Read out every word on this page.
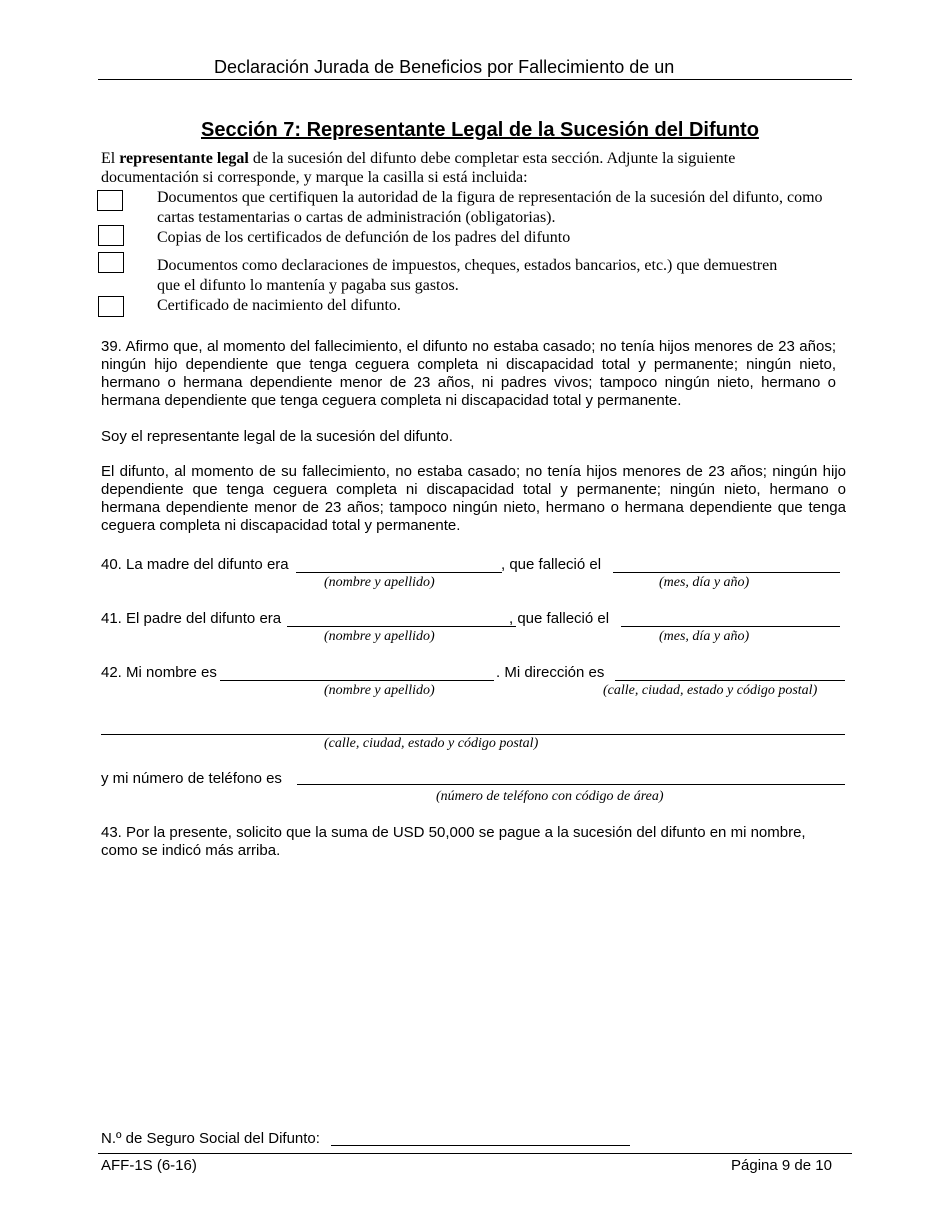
Declaración Jurada de Beneficios por Fallecimiento de un
Sección 7: Representante Legal de la Sucesión del Difunto
El representante legal de la sucesión del difunto debe completar esta sección. Adjunte la siguiente documentación si corresponde, y marque la casilla si está incluida:
Documentos que certifiquen la autoridad de la figura de representación de la sucesión del difunto, como
cartas testamentarias o cartas de administración (obligatorias).
Copias de los certificados de defunción de los padres del difunto
Documentos como declaraciones de impuestos, cheques, estados bancarios, etc.) que demuestren
que el difunto lo mantenía y pagaba sus gastos.
Certificado de nacimiento del difunto.
39. Afirmo que, al momento del fallecimiento, el difunto no estaba casado; no tenía hijos menores de 23 años; ningún hijo dependiente que tenga ceguera completa ni discapacidad total y permanente; ningún nieto, hermano o hermana dependiente menor de 23 años, ni padres vivos; tampoco ningún nieto, hermano o hermana dependiente que tenga ceguera completa ni discapacidad total y permanente.
Soy el representante legal de la sucesión del difunto.
El difunto, al momento de su fallecimiento, no estaba casado; no tenía hijos menores de 23 años; ningún hijo dependiente que tenga ceguera completa ni discapacidad total y permanente; ningún nieto, hermano o hermana dependiente menor de 23 años; tampoco ningún nieto, hermano o hermana dependiente que tenga ceguera completa ni discapacidad total y permanente.
40. La madre del difunto era	, que falleció el
(nombre y apellido)	(mes, día y año)
41. El padre del difunto era	, que falleció el
(nombre y apellido)	(mes, día y año)
42. Mi nombre es	. Mi dirección es
(nombre y apellido)	(calle, ciudad, estado y código postal)
(calle, ciudad, estado y código postal)
y mi número de teléfono es
(número de teléfono con código de área)
43. Por la presente, solicito que la suma de USD 50,000 se pague a la sucesión del difunto en mi nombre, como se indicó más arriba.
N.º de Seguro Social del Difunto:
AFF-1S (6-16)	Página 9 de 10
